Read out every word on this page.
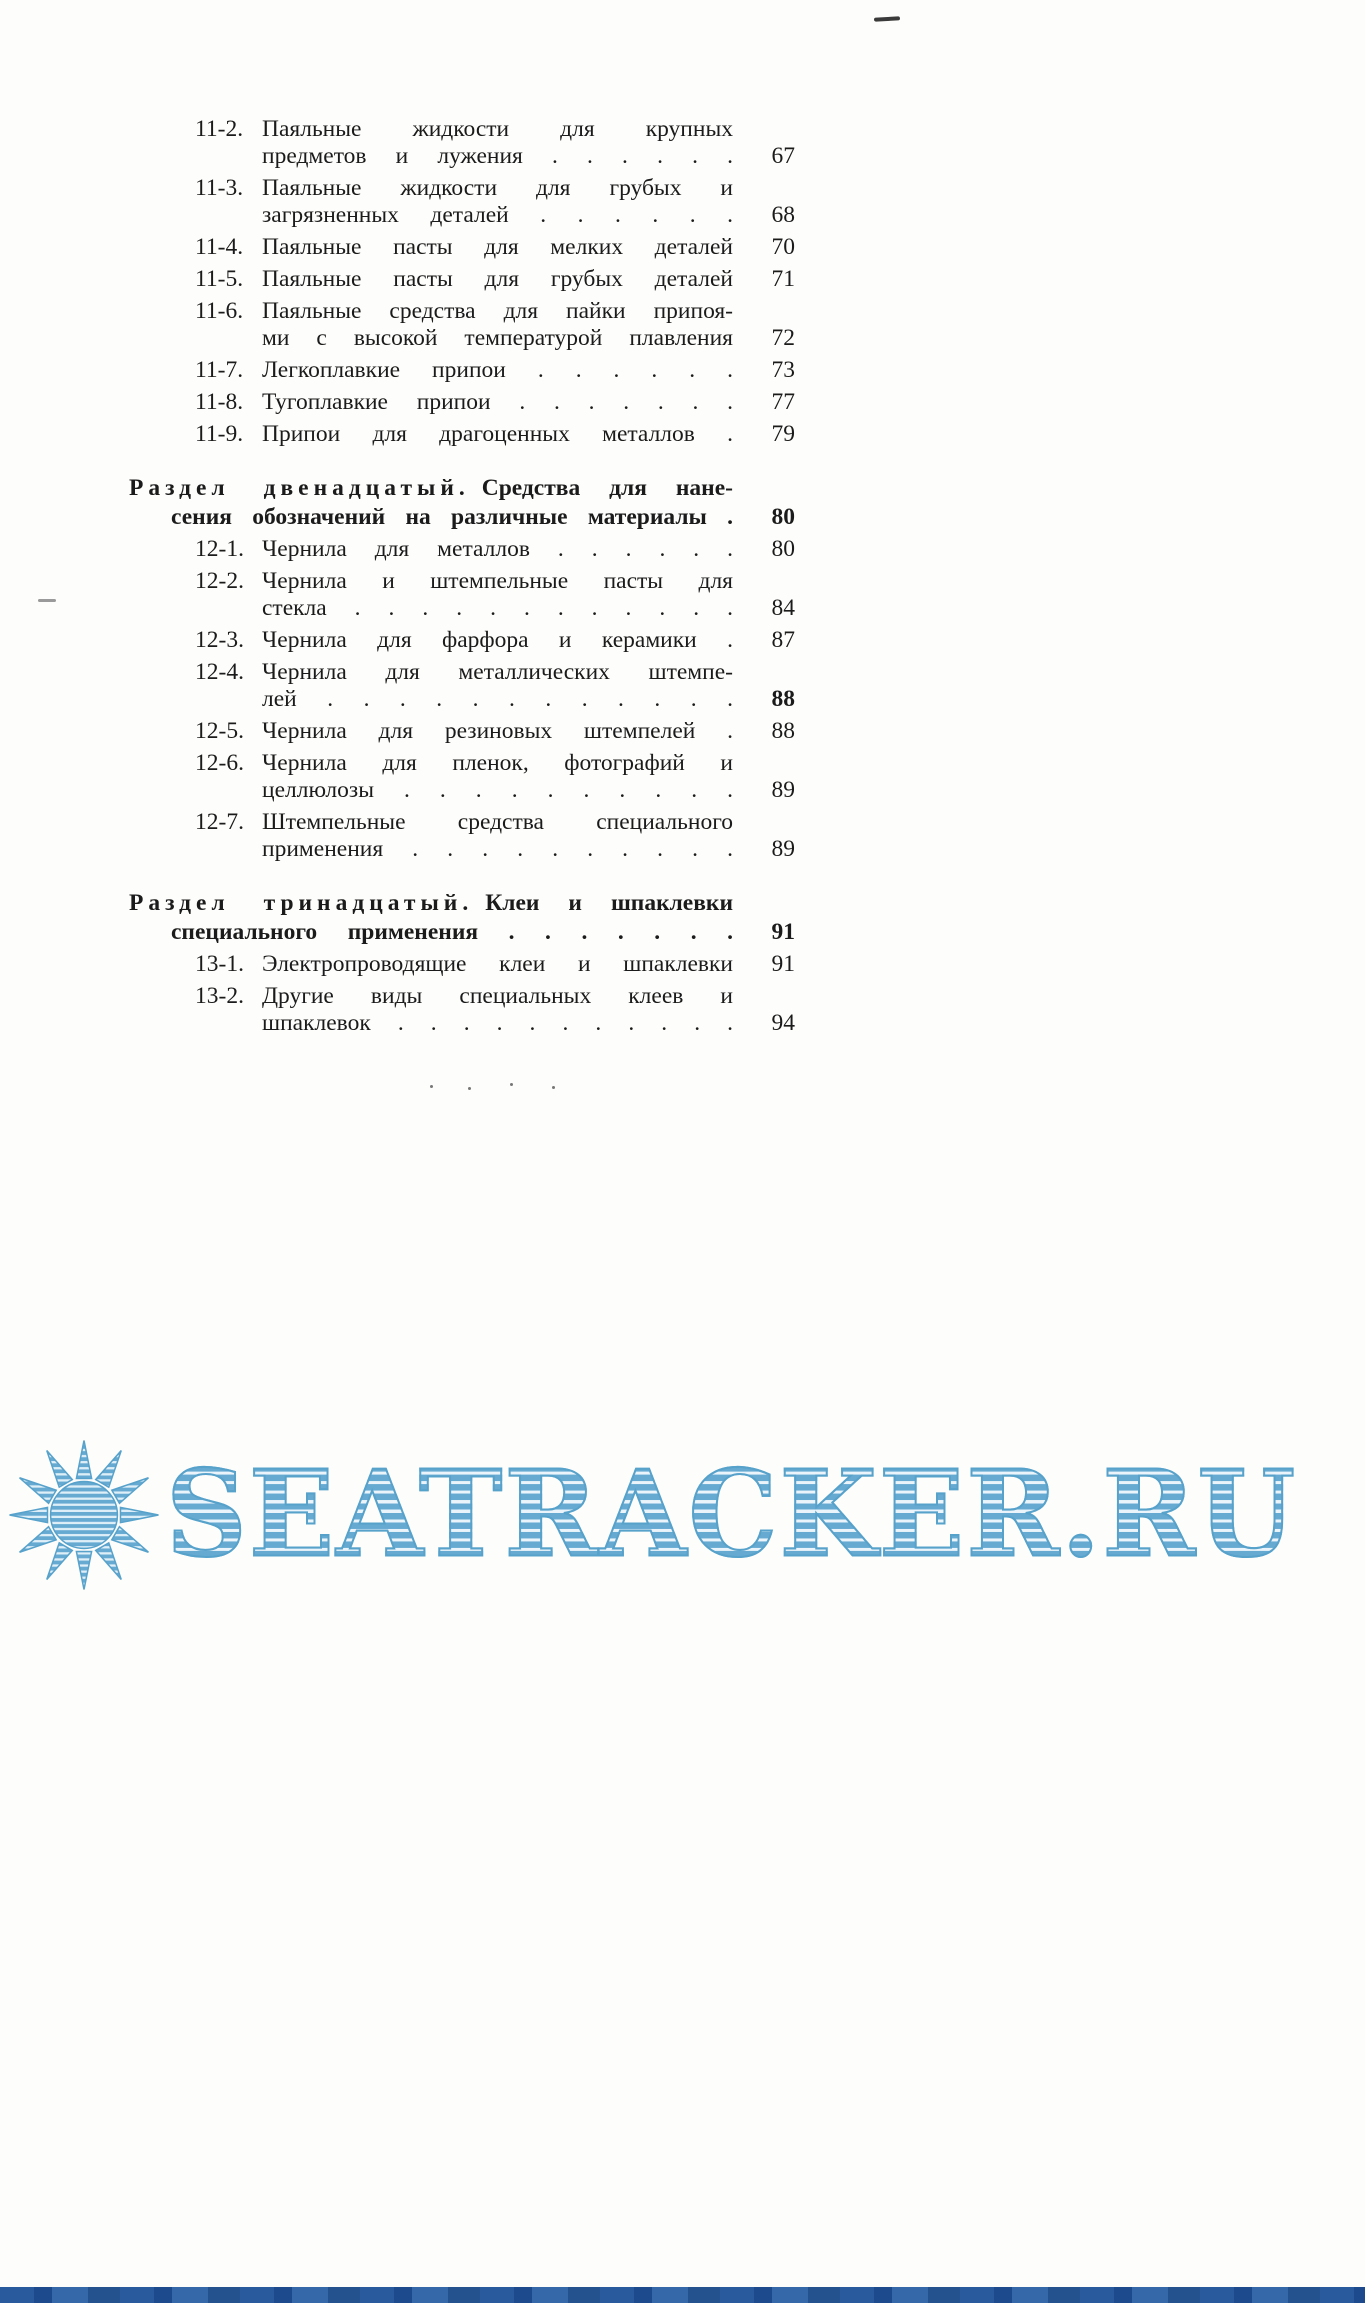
11-2. Паяльные жидкости для крупных
предметов и лужения . . . . . .	67
11-3. Паяльные жидкости для грубых и
загрязненных деталей . . . . . .	68
11-4. Паяльные пасты для мелких деталей	70
11-5. Паяльные пасты для грубых деталей	71
11-6. Паяльные средства для пайки припоя-
ми с высокой температурой плавления	72
11-7. Легкоплавкие припои . . . . . .	73
11-8. Тугоплавкие припои . . . . . . .	77
11-9. Припои для драгоценных металлов .	79
Раздел двенадцатый. Средства для нане-
сения обозначений на различные материалы .	80
12-1. Чернила для металлов . . . . . .	80
12-2. Чернила и штемпельные пасты для
стекла . . . . . . . . . . . .	84
12-3. Чернила для фарфора и керамики .	87
12-4. Чернила для металлических штемпе-
лей . . . . . . . . . . . .	88
12-5. Чернила для резиновых штемпелей .	88
12-6. Чернила для пленок, фотографий и
целлюлозы . . . . . . . . . .	89
12-7. Штемпельные средства специального
применения . . . . . . . . . .	89
Раздел тринадцатый. Клеи и шпаклевки
специального применения . . . . . . .	91
13-1. Электропроводящие клеи и шпаклевки	91
13-2. Другие виды специальных клеев и
шпаклевок . . . . . . . . . . .	94
SEATRACKER.RU
